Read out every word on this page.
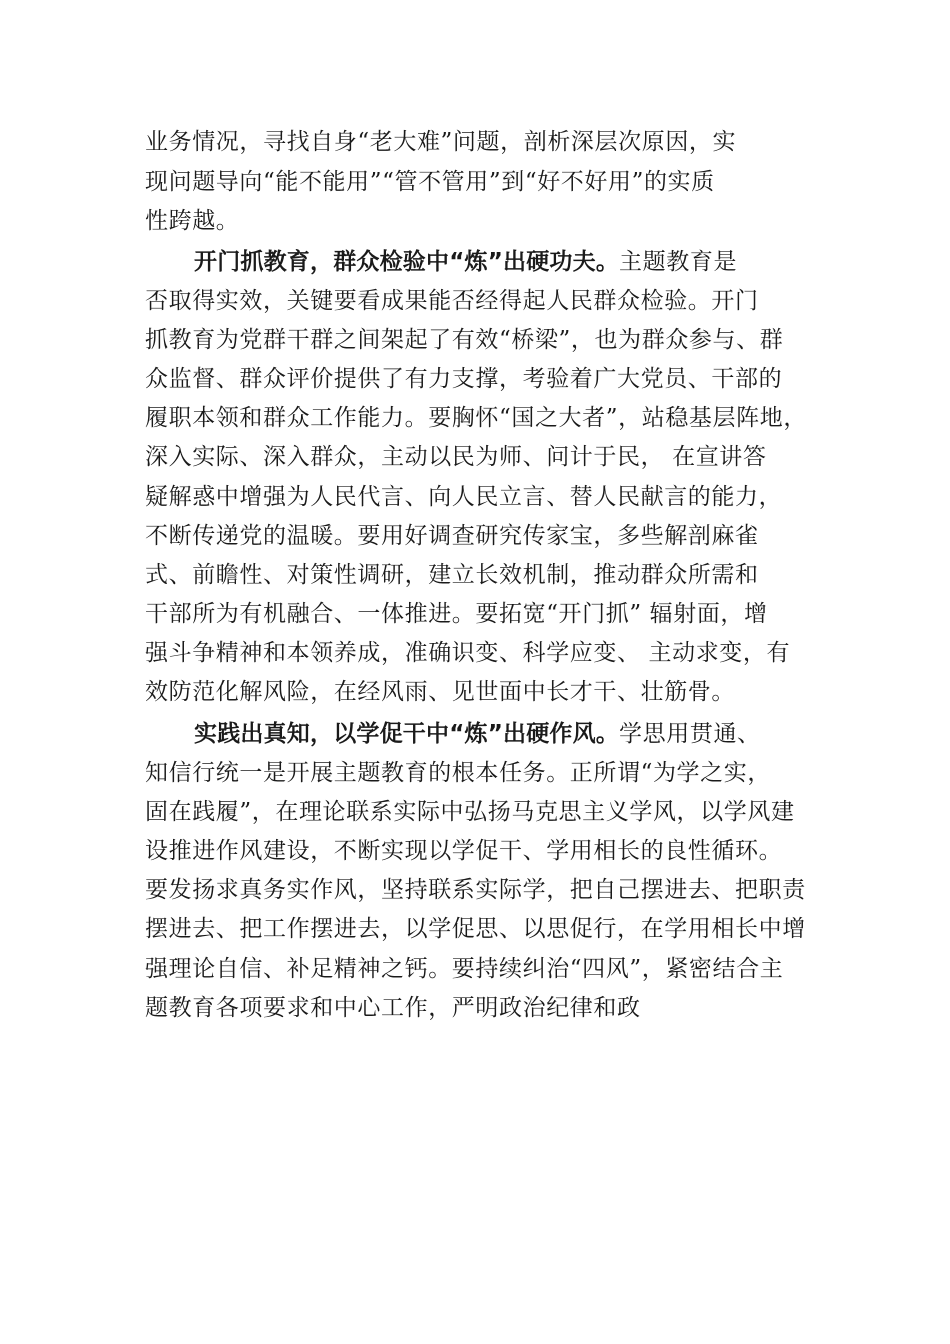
业务情况，寻找自身“老大难”问题，剖析深层次原因，实
现问题导向“能不能用”“管不管用”到“好不好用”的实质
性跨越。
开门抓教育，群众检验中“炼”出硬功夫。主题教育是
否取得实效，关键要看成果能否经得起人民群众检验。开门
抓教育为党群干群之间架起了有效“桥梁”，也为群众参与、群
众监督、群众评价提供了有力支撑，考验着广大党员、干部的
履职本领和群众工作能力。要胸怀“国之大者”，站稳基层阵地，
深入实际、深入群众，主动以民为师、问计于民， 在宣讲答
疑解惑中增强为人民代言、向人民立言、替人民献言的能力，
不断传递党的温暖。要用好调查研究传家宝，多些解剖麻雀
式、前瞻性、对策性调研，建立长效机制，推动群众所需和
干部所为有机融合、一体推进。要拓宽“开门抓” 辐射面，增
强斗争精神和本领养成，准确识变、科学应变、 主动求变，有
效防范化解风险，在经风雨、见世面中长才干、壮筋骨。
实践出真知，以学促干中“炼”出硬作风。学思用贯通、
知信行统一是开展主题教育的根本任务。正所谓“为学之实，
固在践履”，在理论联系实际中弘扬马克思主义学风，以学风建
设推进作风建设，不断实现以学促干、学用相长的良性循环。
要发扬求真务实作风，坚持联系实际学，把自己摆进去、把职责
摆进去、把工作摆进去，以学促思、以思促行，在学用相长中增
强理论自信、补足精神之钙。要持续纠治“四风”，紧密结合主
题教育各项要求和中心工作，严明政治纪律和政
